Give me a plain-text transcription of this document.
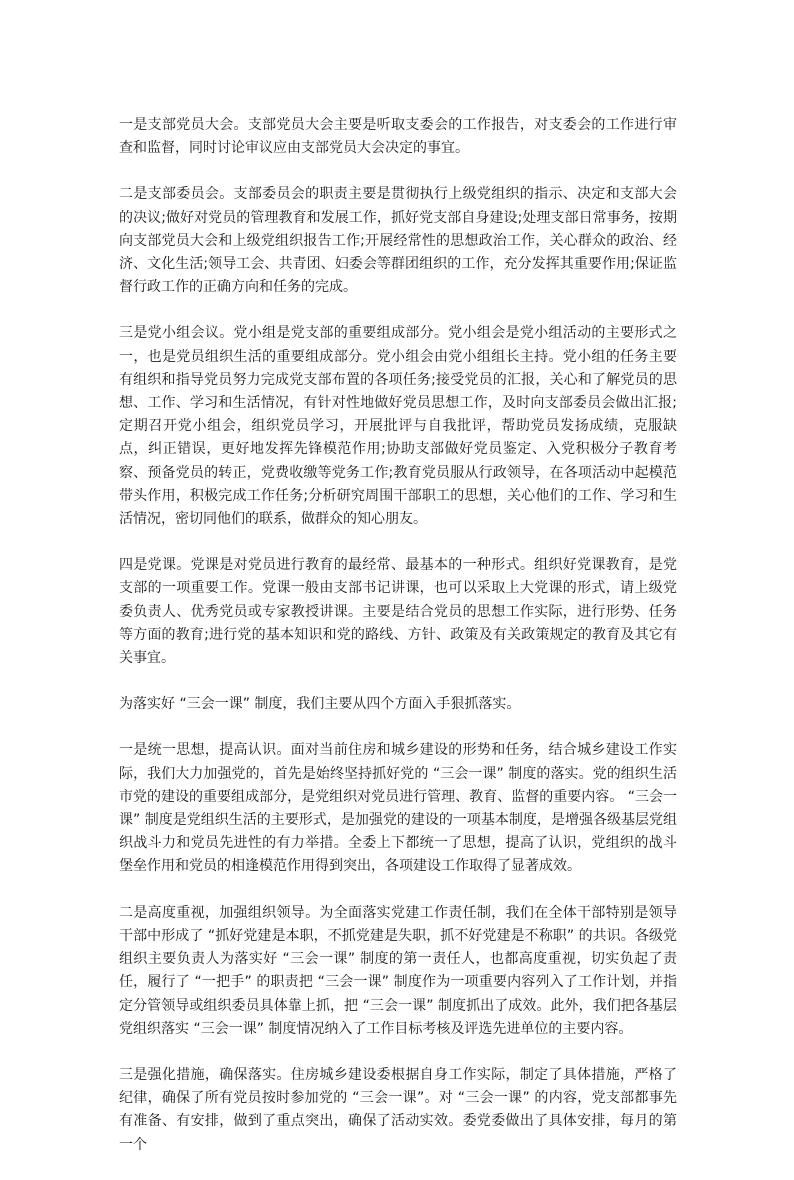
一是支部党员大会。支部党员大会主要是听取支委会的工作报告，对支委会的工作进行审查和监督，同时讨论审议应由支部党员大会决定的事宜。

二是支部委员会。支部委员会的职责主要是贯彻执行上级党组织的指示、决定和支部大会的决议;做好对党员的管理教育和发展工作，抓好党支部自身建设;处理支部日常事务，按期向支部党员大会和上级党组织报告工作;开展经常性的思想政治工作，关心群众的政治、经济、文化生活;领导工会、共青团、妇委会等群团组织的工作，充分发挥其重要作用;保证监督行政工作的正确方向和任务的完成。

三是党小组会议。党小组是党支部的重要组成部分。党小组会是党小组活动的主要形式之一，也是党员组织生活的重要组成部分。党小组会由党小组组长主持。党小组的任务主要有组织和指导党员努力完成党支部布置的各项任务;接受党员的汇报，关心和了解党员的思想、工作、学习和生活情况，有针对性地做好党员思想工作，及时向支部委员会做出汇报;定期召开党小组会，组织党员学习，开展批评与自我批评，帮助党员发扬成绩，克服缺点，纠正错误，更好地发挥先锋模范作用;协助支部做好党员鉴定、入党积极分子教育考察、预备党员的转正，党费收缴等党务工作;教育党员服从行政领导，在各项活动中起模范带头作用，积极完成工作任务;分析研究周围干部职工的思想，关心他们的工作、学习和生活情况，密切同他们的联系，做群众的知心朋友。

四是党课。党课是对党员进行教育的最经常、最基本的一种形式。组织好党课教育，是党支部的一项重要工作。党课一般由支部书记讲课，也可以采取上大党课的形式，请上级党委负责人、优秀党员或专家教授讲课。主要是结合党员的思想工作实际，进行形势、任务等方面的教育;进行党的基本知识和党的路线、方针、政策及有关政策规定的教育及其它有关事宜。

为落实好 “三会一课” 制度，我们主要从四个方面入手狠抓落实。

一是统一思想，提高认识。面对当前住房和城乡建设的形势和任务，结合城乡建设工作实际，我们大力加强党的，首先是始终坚持抓好党的 “三会一课” 制度的落实。党的组织生活市党的建设的重要组成部分，是党组织对党员进行管理、教育、监督的重要内容。 “三会一课” 制度是党组织生活的主要形式，是加强党的建设的一项基本制度，是增强各级基层党组织战斗力和党员先进性的有力举措。全委上下都统一了思想，提高了认识，党组织的战斗堡垒作用和党员的相逢模范作用得到突出，各项建设工作取得了显著成效。

二是高度重视，加强组织领导。为全面落实党建工作责任制，我们在全体干部特别是领导干部中形成了 “抓好党建是本职，不抓党建是失职，抓不好党建是不称职” 的共识。各级党组织主要负责人为落实好 “三会一课” 制度的第一责任人，也都高度重视，切实负起了责任，履行了 “一把手” 的职责把 “三会一课” 制度作为一项重要内容列入了工作计划，并指定分管领导或组织委员具体靠上抓，把 “三会一课” 制度抓出了成效。此外，我们把各基层党组织落实 “三会一课” 制度情况纳入了工作目标考核及评选先进单位的主要内容。

三是强化措施，确保落实。住房城乡建设委根据自身工作实际，制定了具体措施，严格了纪律，确保了所有党员按时参加党的 “三会一课”。对 “三会一课” 的内容，党支部都事先有准备、有安排，做到了重点突出，确保了活动实效。委党委做出了具体安排，每月的第一个
